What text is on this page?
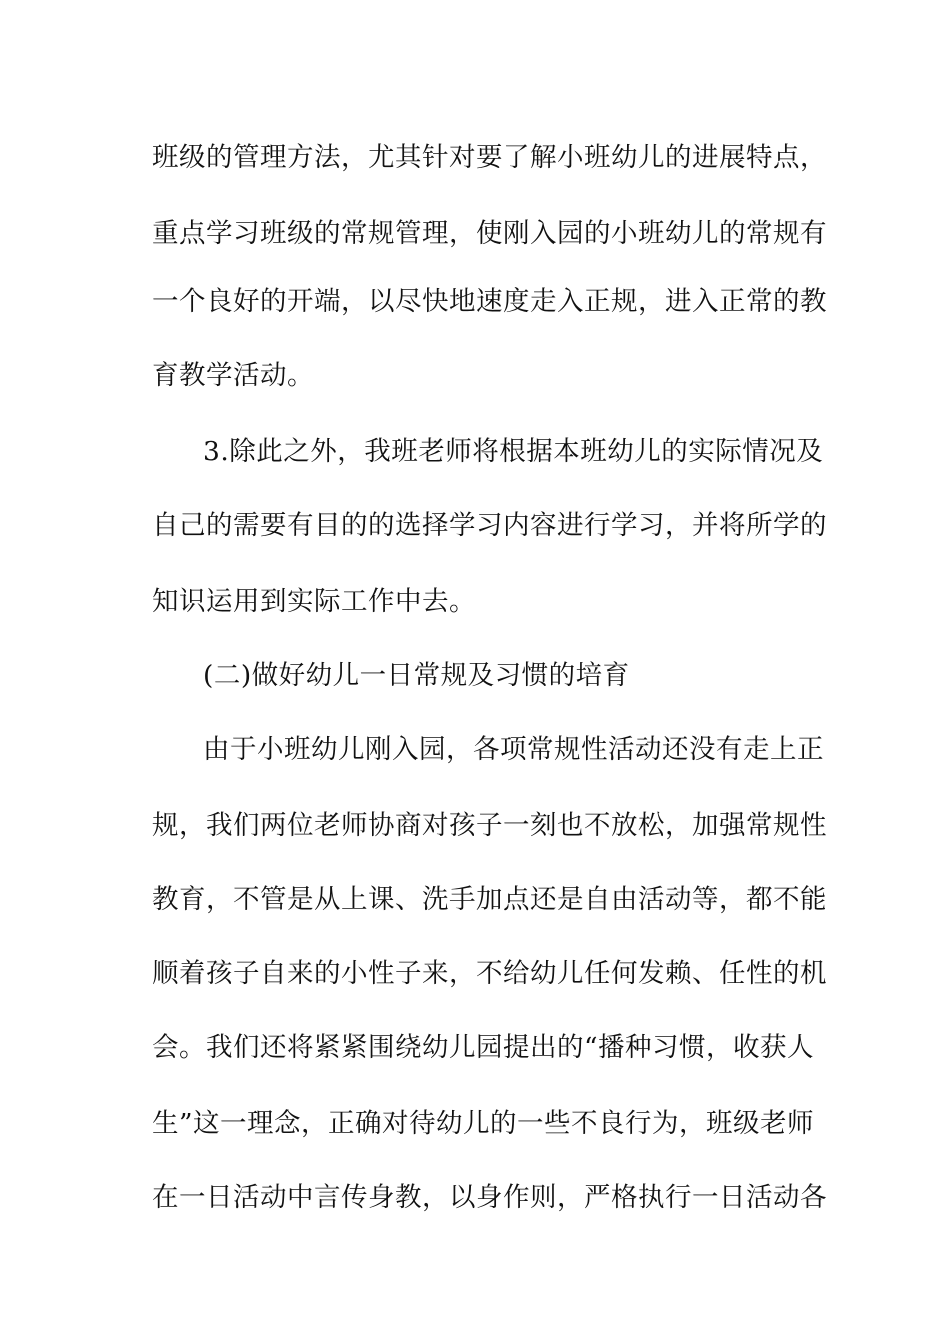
班级的管理方法，尤其针对要了解小班幼儿的进展特点，
重点学习班级的常规管理，使刚入园的小班幼儿的常规有
一个良好的开端，以尽快地速度走入正规，进入正常的教
育教学活动。
3.除此之外，我班老师将根据本班幼儿的实际情况及
自己的需要有目的的选择学习内容进行学习，并将所学的
知识运用到实际工作中去。
(二)做好幼儿一日常规及习惯的培育
由于小班幼儿刚入园，各项常规性活动还没有走上正
规，我们两位老师协商对孩子一刻也不放松，加强常规性
教育，不管是从上课、洗手加点还是自由活动等，都不能
顺着孩子自来的小性子来，不给幼儿任何发赖、任性的机
会。我们还将紧紧围绕幼儿园提出的“播种习惯，收获人
生”这一理念，正确对待幼儿的一些不良行为，班级老师
在一日活动中言传身教，以身作则，严格执行一日活动各
